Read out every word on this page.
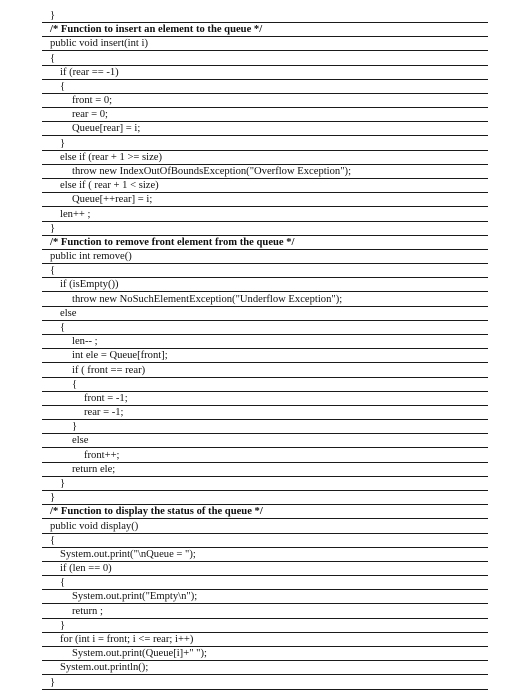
}
/* Function to insert an element to the queue */
public void insert(int i)
{
if (rear == -1)
{
front = 0;
rear = 0;
Queue[rear] = i;
}
else if (rear + 1 >= size)
throw new IndexOutOfBoundsException("Overflow Exception");
else if ( rear + 1 < size)
Queue[++rear] = i;
len++ ;
}
/* Function to remove front element from the queue */
public int remove()
{
if (isEmpty())
throw new NoSuchElementException("Underflow Exception");
else
{
len-- ;
int ele = Queue[front];
if ( front == rear)
{
front = -1;
rear = -1;
}
else
front++;
return ele;
}
}
/* Function to display the status of the queue */
public void display()
{
System.out.print("\nQueue = ");
if (len == 0)
{
System.out.print("Empty\n");
return ;
}
for (int i = front; i <= rear; i++)
System.out.print(Queue[i]+" ");
System.out.println();
}
